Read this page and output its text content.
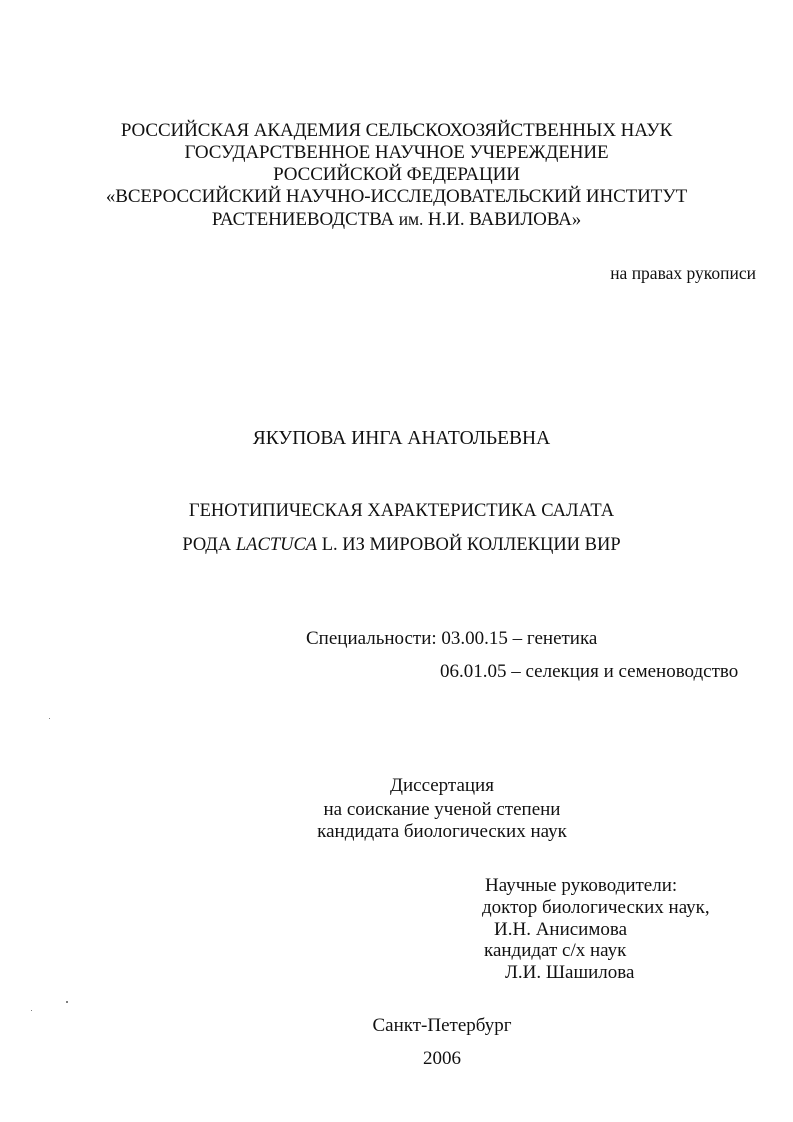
РОССИЙСКАЯ АКАДЕМИЯ СЕЛЬСКОХОЗЯЙСТВЕННЫХ НАУК
ГОСУДАРСТВЕННОЕ НАУЧНОЕ УЧЕРЕЖДЕНИЕ
РОССИЙСКОЙ ФЕДЕРАЦИИ
«ВСЕРОССИЙСКИЙ НАУЧНО-ИССЛЕДОВАТЕЛЬСКИЙ ИНСТИТУТ
РАСТЕНИЕВОДСТВА им. Н.И. ВАВИЛОВА»
на правах рукописи
ЯКУПОВА ИНГА АНАТОЛЬЕВНА
ГЕНОТИПИЧЕСКАЯ ХАРАКТЕРИСТИКА САЛАТА
РОДА LACTUCA L. ИЗ МИРОВОЙ КОЛЛЕКЦИИ ВИР
Специальности: 03.00.15 – генетика
06.01.05 – селекция и семеноводство
Диссертация
на соискание ученой степени
кандидата биологических наук
Научные руководители:
доктор биологических наук,
И.Н. Анисимова
кандидат с/х наук
Л.И. Шашилова
Санкт-Петербург
2006
